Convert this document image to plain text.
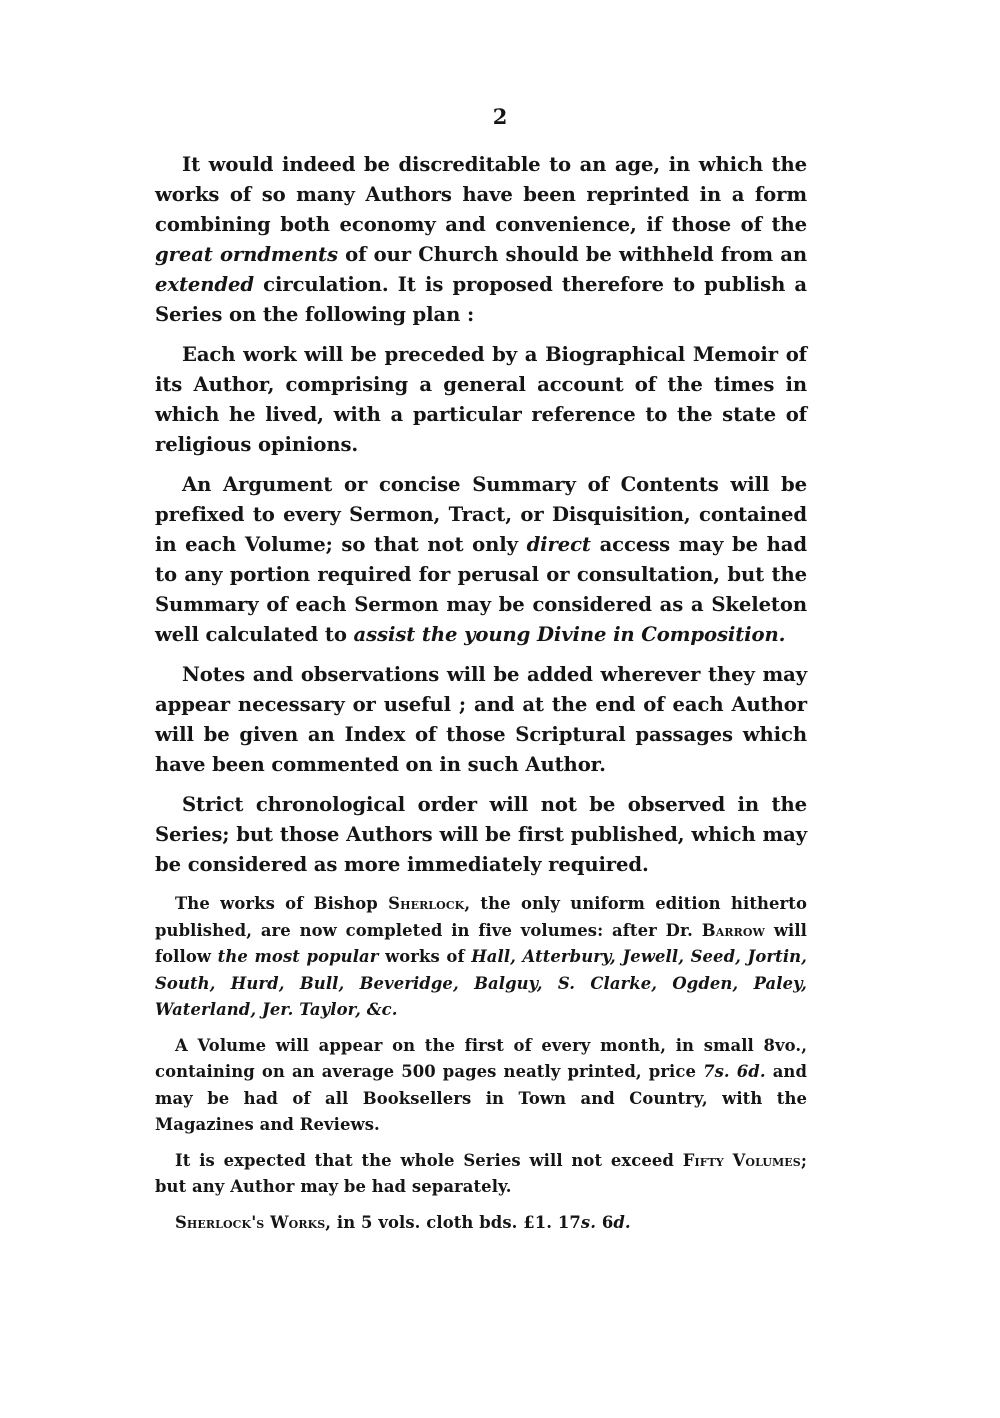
2

It would indeed be discreditable to an age, in which the works of so many Authors have been reprinted in a form combining both economy and convenience, if those of the great orndments of our Church should be withheld from an extended circulation. It is proposed therefore to publish a Series on the following plan :

Each work will be preceded by a Biographical Memoir of its Author, comprising a general account of the times in which he lived, with a particular reference to the state of religious opinions.

An Argument or concise Summary of Contents will be prefixed to every Sermon, Tract, or Disquisition, contained in each Volume; so that not only direct access may be had to any portion required for perusal or consultation, but the Summary of each Sermon may be considered as a Skeleton well calculated to assist the young Divine in Composition.

Notes and observations will be added wherever they may appear necessary or useful ; and at the end of each Author will be given an Index of those Scriptural passages which have been commented on in such Author.

Strict chronological order will not be observed in the Series; but those Authors will be first published, which may be considered as more immediately required.

The works of Bishop Sherlock, the only uniform edition hitherto published, are now completed in five volumes: after Dr. Barrow will follow the most popular works of Hall, Atterbury, Jewell, Seed, Jortin, South, Hurd, Bull, Beveridge, Balguy, S. Clarke, Ogden, Paley, Waterland, Jer. Taylor, &c.

A Volume will appear on the first of every month, in small 8vo., containing on an average 500 pages neatly printed, price 7s. 6d. and may be had of all Booksellers in Town and Country, with the Magazines and Reviews.

It is expected that the whole Series will not exceed Fifty Volumes; but any Author may be had separately.

Sherlock's Works, in 5 vols. cloth bds. £1. 17s. 6d.
